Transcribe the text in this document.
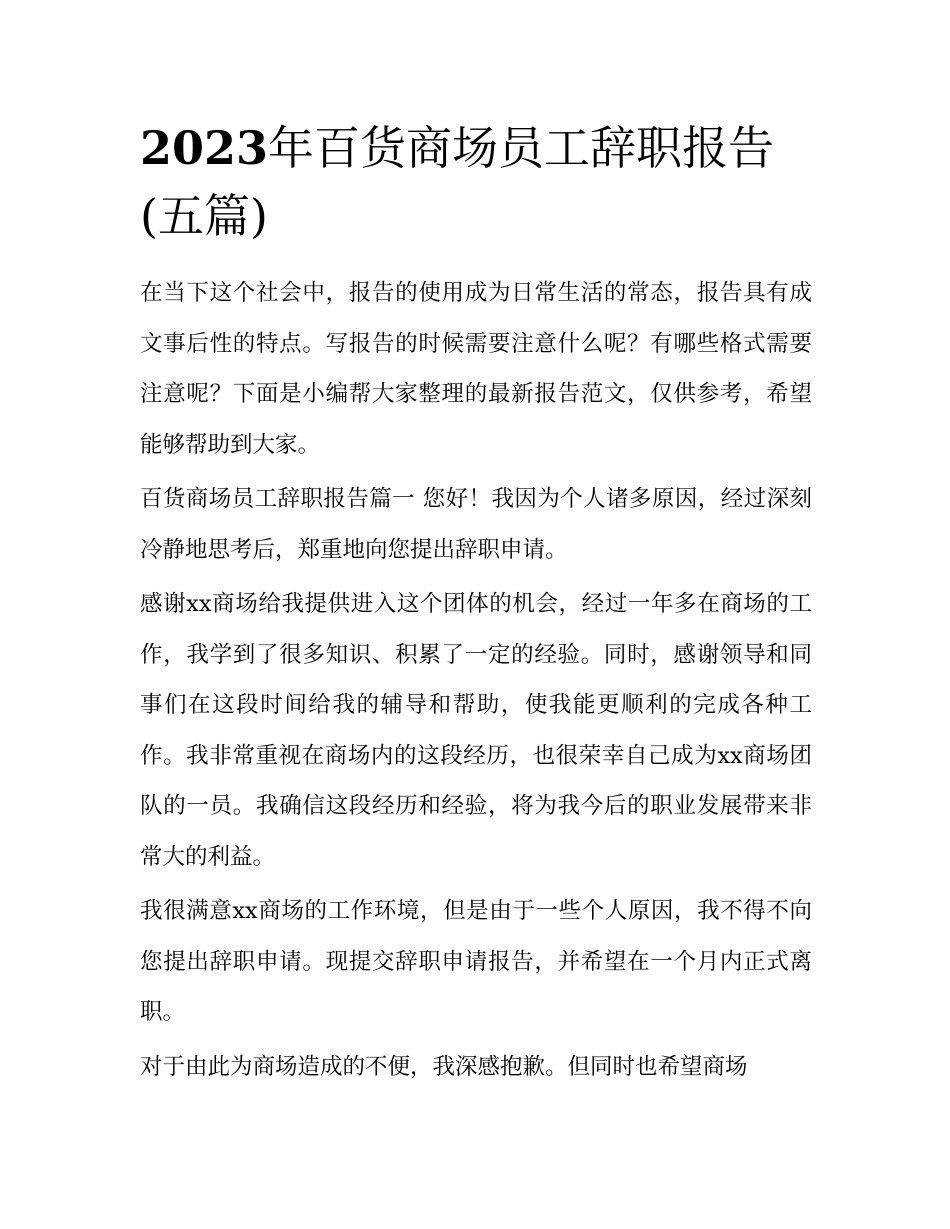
2023年百货商场员工辞职报告(五篇)

在当下这个社会中，报告的使用成为日常生活的常态，报告具有成文事后性的特点。写报告的时候需要注意什么呢？有哪些格式需要注意呢？下面是小编帮大家整理的最新报告范文，仅供参考，希望能够帮助到大家。

百货商场员工辞职报告篇一 您好！我因为个人诸多原因，经过深刻冷静地思考后，郑重地向您提出辞职申请。

感谢xx商场给我提供进入这个团体的机会，经过一年多在商场的工作，我学到了很多知识、积累了一定的经验。同时，感谢领导和同事们在这段时间给我的辅导和帮助，使我能更顺利的完成各种工作。我非常重视在商场内的这段经历，也很荣幸自己成为xx商场团队的一员。我确信这段经历和经验，将为我今后的职业发展带来非常大的利益。

我很满意xx商场的工作环境，但是由于一些个人原因，我不得不向您提出辞职申请。现提交辞职申请报告，并希望在一个月内正式离职。

对于由此为商场造成的不便，我深感抱歉。但同时也希望商场
